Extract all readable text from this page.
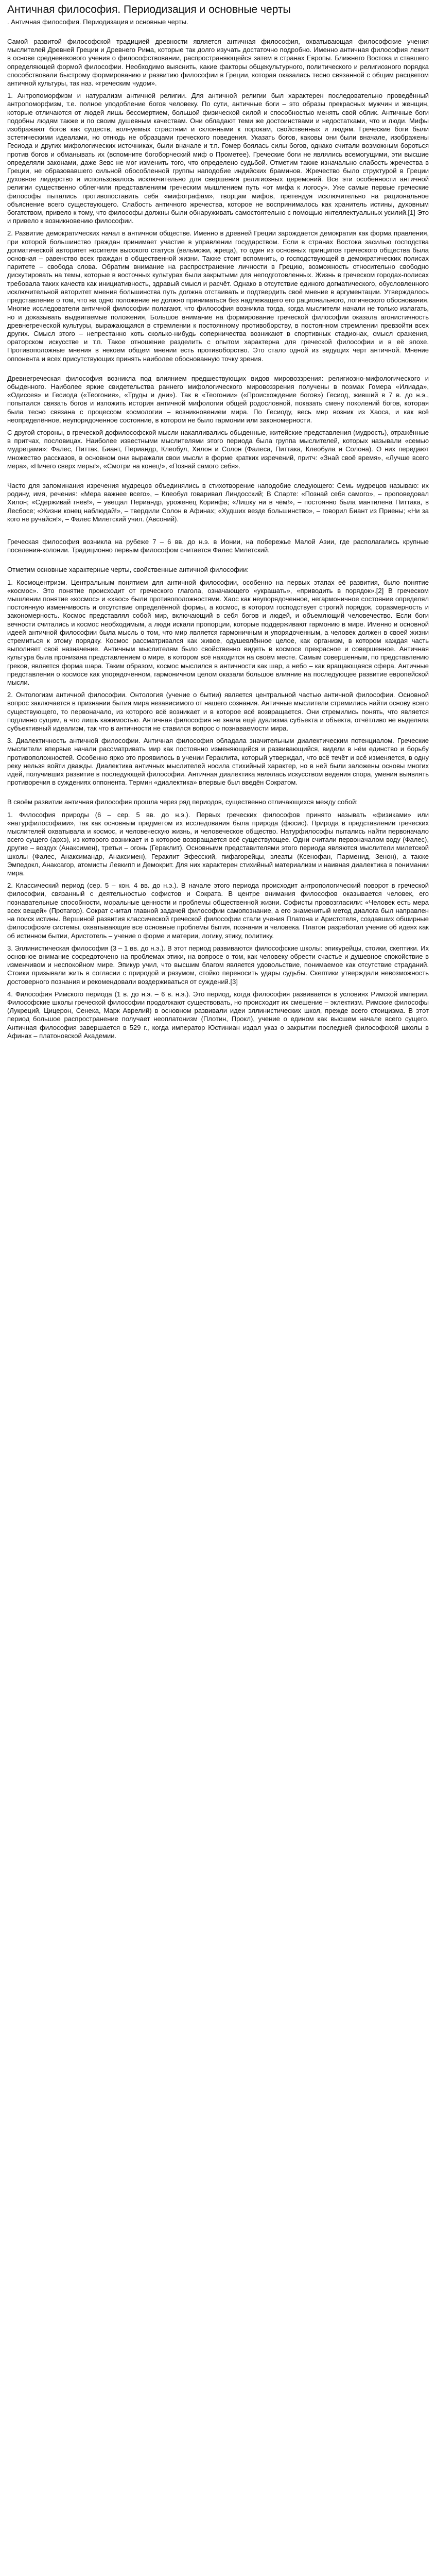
Античная философия. Периодизация и основные черты
. Античная философия. Периодизация и основные черты.

Самой развитой философской традицией древности является античная философия, охватывающая философские учения мыслителей Древней Греции и Древнего Рима, которые так долго изучать достаточно подробно. Именно античная философия лежит в основе средневекового учения о философствовании, распространяющейся затем в странах Европы. Ближнего Востока и ставшего определяющей формой философии. Необходимо выяснить, какие факторы общекультурного, политического и религиозного порядка способствовали быстрому формированию и развитию философии в Греции, которая оказалась тесно связанной с общим расцветом античной культуры, так наз. «греческим чудом».

1. Антропоморфизм и натурализм античной религии. Для античной религии был характерен последовательно проведённый антропоморфизм, т.е. полное уподобление богов человеку. По сути, античные боги – это образы прекрасных мужчин и женщин, которые отличаются от людей лишь бессмертием, большой физической силой и способностью менять свой облик. Античные боги подобны людям также и по своим душевным качествам. Они обладают теми же достоинствами и недостатками, что и люди. Мифы изображают богов как существ, волнуемых страстями и склонными к порокам, свойственных и людям. Греческие боги были эстетическими идеалами, но отнюдь не образцами греческого поведения. Указать богов, каковы они были вначале, изображены Гесиода и других мифологических источниках, были вначале и т.п. Гомер боялась силы богов, однако считали возможным бороться против богов и обманывать их (вспомните богоборческий миф о Прометее). Греческие боги не являлись всемогущими, эти высшие определяли законами, даже Зевс не мог изменить того, что определено судьбой. Отметим также изначально слабость жречества в Греции, не образовавшего сильной обособленной группы наподобие индийских браминов. Жречество было структурой в Греции духовное лидерство и использовалось исключительно для свершения религиозных церемоний. Все эти особенности античной религии существенно облегчили представлениям греческим мышлением путь «от мифа к логосу». Уже самые первые греческие философы пытались противопоставить себя «мифографам», творцам мифов, претендуя исключительно на рациональное объяснение всего существующего. Слабость античного жречества, которое не воспринималось как хранитель истины, духовным богатством, привело к тому, что философы должны были обнаруживать самостоятельно с помощью интеллектуальных усилий.[1] Это и привело к возникновению философии.

2. Развитие демократических начал в античном обществе. Именно в древней Греции зарождается демократия как форма правления, при которой большинство граждан принимает участие в управлении государством. Если в странах Востока засилью господства догматической авторитет носителя высокого статуса (вельможи, жреца), то один из основных принципов греческого общества была основная – равенство всех граждан в общественной жизни. Также стоит вспомнить, о господствующей в демократических полисах паритете – свобода слова. Обратим внимание на распространение личности в Грецию, возможность относительно свободно дискутировать на темы, которые в восточных культурах были закрытыми для неподготовленных. Жизнь в греческом городах-полисах требовала таких качеств как инициативность, здравый смысл и расчёт. Однако в отсутствие единого догматического, обусловленного исключительной авторитет мнения большинства путь должна отстаивать и подтвердить своё мнение в аргументации. Утверждалось представление о том, что на одно положение не должно приниматься без надлежащего его рационального, логического обоснования. Многие исследователи античной философии полагают, что философия возникла тогда, когда мыслители начали не только излагать, но и доказывать выдвигаемые положения, Большое внимание на формирование греческой философии оказала агонистичность древнегреческой культуры, выражающаяся в стремлении к постоянному противоборству, в постоянном стремлении превзойти всех других. Смысл этого – непрестанно хоть сколько-нибудь соперничества возникают в спортивных стадионах, смысл сражения, ораторском искусстве и т.п. Такое отношение разделить с опытом характерна для греческой философии и в её эпохе. Противоположные мнения в некоем общем мнении есть противоборство. Это стало одной из ведущих черт античной. Мнение оппонента и всех присутствующих принять наиболее обоснованную точку зрения.

Древнегреческая философия возникла под влиянием предшествующих видов мировоззрения: религиозно-мифологического и обыденного. Наиболее яркие свидетельства раннего мифологического мировоззрения получены в поэмах Гомера «Илиада», «Одиссея» и Гесиода («Теогония», «Труды и дни»). Так в «Теогонии» («Происхождение богов») Гесиод, живший в 7 в. до н.э., попытался связать богов и изложить история античной мифологии общей родословной, показать смену поколений богов, которая была тесно связана с процессом космологии – возникновением мира. По Гесиоду, весь мир возник из Хаоса, и как всё неопределённое, неупорядоченное состояние, в котором не было гармонии или закономерности.

С другой стороны, в греческой дофилософской мысли накапливались обыденные, житейские представления (мудрость), отражённые в притчах, пословицах. Наиболее известными мыслителями этого периода была группа мыслителей, которых называли «семью мудрецами»: Фалес, Питтак, Биант, Периандр, Клеобул, Хилон и Солон (Фалеса, Питтака, Клеобула и Солона). О них передают множество рассказов, в основном они выражали свои мысли в форме кратких изречений, притч: «Знай своё время», «Лучше всего мера», «Ничего сверх меры!», «Смотри на конец!», «Познай самого себя».

Часто для запоминания изречения мудрецов объединялись в стихотворение наподобие следующего: Семь мудрецов называю: их родину, имя, речения: «Мера важнее всего», – Клеобул говаривал Линдосский; В Спарте: «Познай себя самого», – проповедовал Хилон; «Сдерживай гнев!», – увещал Периандр, уроженец Коринфа; «Лишку ни в чём!», – постоянно была мантилена Питтака, в Лесбосе; «Жизни конец наблюдай!», – твердили Солон в Афинах; «Худших везде большинство», – говорил Биант из Приены; «Ни за кого не ручайся!», – Фалес Милетский учил. (Авсоний).

Греческая философия возникла на рубеже 7 – 6 вв. до н.э. в Ионии, на побережье Малой Азии, где располагались крупные поселения-колонии. Традиционно первым философом считается Фалес Милетский.

Отметим основные характерные черты, свойственные античной философии:

1. Космоцентризм. Центральным понятием для античной философии, особенно на первых этапах её развития, было понятие «космос». Это понятие происходит от греческого глагола, означающего «украшать», «приводить в порядок».[2] В греческом мышлении понятие «космос» и «хаос» были противоположностями. Хаос как неупорядоченное, негармоничное состояние определял постоянную изменчивость и отсутствие определённой формы, а космос, в котором господствует строгий порядок, соразмерность и закономерность. Космос представлял собой мир, включающий в себя богов и людей, и объемлющий человечество. Если боги вечности считались и космос необходимым, а люди искали пропорции, которые поддерживают гармонию в мире. Именно и основной идеей античной философии была мысль о том, что мир является гармоничным и упорядоченным, а человек должен в своей жизни стремиться к этому порядку. Космос рассматривался как живое, одушевлённое целое, как организм, в котором каждая часть выполняет своё назначение. Античным мыслителям было свойственно видеть в космосе прекрасное и совершенное. Античная культура была пронизана представлением о мире, в котором всё находится на своём месте. Самым совершенным, по представлению греков, является форма шара. Таким образом, космос мыслился в античности как шар, а небо – как вращающаяся сфера. Античные представления о космосе как упорядоченном, гармоничном целом оказали большое влияние на последующее развитие европейской мысли.

2. Онтологизм античной философии. Онтология (учение о бытии) является центральной частью античной философии. Основной вопрос заключается в признании бытия мира независимого от нашего сознания. Античные мыслители стремились найти основу всего существующего, то первоначало, из которого всё возникает и в которое всё возвращается. Они стремились понять, что является подлинно сущим, а что лишь кажимостью. Античная философия не знала ещё дуализма субъекта и объекта, отчётливо не выделяла субъективный идеализм, так что в античности не ставился вопрос о познаваемости мира.

3. Диалектичность античной философии. Античная философия обладала значительным диалектическим потенциалом. Греческие мыслители впервые начали рассматривать мир как постоянно изменяющийся и развивающийся, видели в нём единство и борьбу противоположностей. Особенно ярко это проявилось в учении Гераклита, который утверждал, что всё течёт и всё изменяется, в одну реку нельзя войти дважды. Диалектика античных мыслителей носила стихийный характер, но в ней были заложены основы многих идей, получивших развитие в последующей философии. Античная диалектика являлась искусством ведения спора, умения выявлять противоречия в суждениях оппонента. Термин «диалектика» впервые был введён Сократом.

В своём развитии античная философия прошла через ряд периодов, существенно отличающихся между собой:

1. Философия природы (6 – сер. 5 вв. до н.э.). Первых греческих философов принято называть «физиками» или «натурфилософами», так как основным предметом их исследования была природа (фюсис). Природа в представлении греческих мыслителей охватывала и космос, и человеческую жизнь, и человеческое общество. Натурфилософы пытались найти первоначало всего сущего (архэ), из которого возникает и в которое возвращается всё существующее. Одни считали первоначалом воду (Фалес), другие – воздух (Анаксимен), третьи – огонь (Гераклит). Основными представителями этого периода являются мыслители милетской школы (Фалес, Анаксимандр, Анаксимен), Гераклит Эфесский, пифагорейцы, элеаты (Ксенофан, Парменид, Зенон), а также Эмпедокл, Анаксагор, атомисты Левкипп и Демокрит. Для них характерен стихийный материализм и наивная диалектика в понимании мира.

2. Классический период (сер. 5 – кон. 4 вв. до н.э.). В начале этого периода происходит антропологический поворот в греческой философии, связанный с деятельностью софистов и Сократа. В центре внимания философов оказывается человек, его познавательные способности, моральные ценности и проблемы общественной жизни. Софисты провозгласили: «Человек есть мера всех вещей» (Протагор). Сократ считал главной задачей философии самопознание, а его знаменитый метод диалога был направлен на поиск истины. Вершиной развития классической греческой философии стали учения Платона и Аристотеля, создавших обширные философские системы, охватывающие все основные проблемы бытия, познания и человека. Платон разработал учение об идеях как об истинном бытии, Аристотель – учение о форме и материи, логику, этику, политику.

3. Эллинистическая философия (3 – 1 вв. до н.э.). В этот период развиваются философские школы: эпикурейцы, стоики, скептики. Их основное внимание сосредоточено на проблемах этики, на вопросе о том, как человеку обрести счастье и душевное спокойствие в изменчивом и неспокойном мире. Эпикур учил, что высшим благом является удовольствие, понимаемое как отсутствие страданий. Стоики призывали жить в согласии с природой и разумом, стойко переносить удары судьбы. Скептики утверждали невозможность достоверного познания и рекомендовали воздерживаться от суждений.[3]

4. Философия Римского периода (1 в. до н.э. – 6 в. н.э.). Это период, когда философия развивается в условиях Римской империи. Философские школы греческой философии продолжают существовать, но происходит их смешение – эклектизм. Римские философы (Лукреций, Цицерон, Сенека, Марк Аврелий) в основном развивали идеи эллинистических школ, прежде всего стоицизма. В этот период большое распространение получает неоплатонизм (Плотин, Прокл), учение о едином как высшем начале всего сущего. Античная философия завершается в 529 г., когда император Юстиниан издал указ о закрытии последней философской школы в Афинах – платоновской Академии.
